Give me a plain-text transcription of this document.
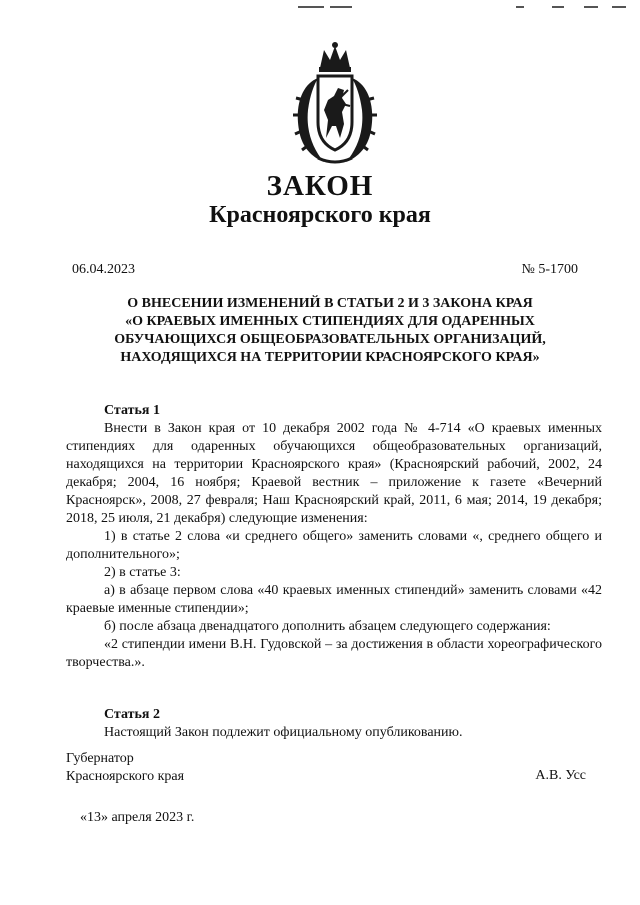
ЗАКОН
Красноярского края
06.04.2023	№ 5-1700
О ВНЕСЕНИИ ИЗМЕНЕНИЙ В СТАТЬИ 2 И 3 ЗАКОНА КРАЯ
«О КРАЕВЫХ ИМЕННЫХ СТИПЕНДИЯХ ДЛЯ ОДАРЕННЫХ
ОБУЧАЮЩИХСЯ ОБЩЕОБРАЗОВАТЕЛЬНЫХ ОРГАНИЗАЦИЙ,
НАХОДЯЩИХСЯ НА ТЕРРИТОРИИ КРАСНОЯРСКОГО КРАЯ»

Статья 1

Внести в Закон края от 10 декабря 2002 года № 4-714 «О краевых именных стипендиях для одаренных обучающихся общеобразовательных организаций, находящихся на территории Красноярского края» (Красноярский рабочий, 2002, 24 декабря; 2004, 16 ноября; Краевой вестник – приложение к газете «Вечерний Красноярск», 2008, 27 февраля; Наш Красноярский край, 2011, 6 мая; 2014, 19 декабря; 2018, 25 июля, 21 декабря) следующие изменения:

1) в статье 2 слова «и среднего общего» заменить словами «, среднего общего и дополнительного»;

2) в статье 3:

а) в абзаце первом слова «40 краевых именных стипендий» заменить словами «42 краевые именные стипендии»;

б) после абзаца двенадцатого дополнить абзацем следующего содержания:

«2 стипендии имени В.Н. Гудовской – за достижения в области хореографического творчества.».

Статья 2

Настоящий Закон подлежит официальному опубликованию.

Губернатор
Красноярского края	А.В. Усс
«13» апреля 2023 г.
